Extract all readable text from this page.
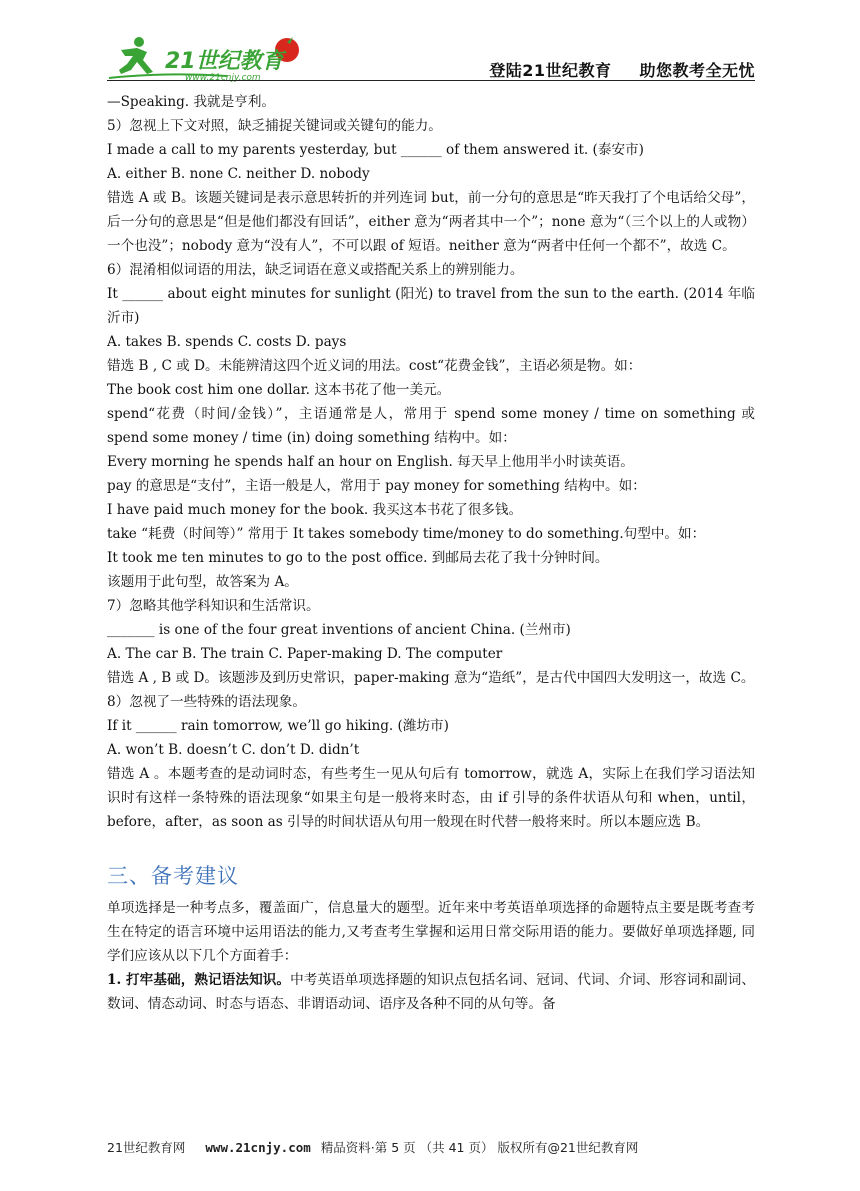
21世纪教育
www.21cnjy.com	登陆21世纪教育 助您教考全无忧

—Speaking. 我就是亨利。

5）忽视上下文对照，缺乏捕捉关键词或关键句的能力。

I made a call to my parents yesterday, but ______ of them answered it. (泰安市)

A. either B. none C. neither D. nobody

错选 A 或 B。该题关键词是表示意思转折的并列连词 but，前一分句的意思是“昨天我打了个电话给父母”，后一分句的意思是“但是他们都没有回话”，either 意为“两者其中一个”；none 意为“（三个以上的人或物）一个也没”；nobody 意为“没有人”，不可以跟 of 短语。neither 意为“两者中任何一个都不”，故选 C。

6）混淆相似词语的用法，缺乏词语在意义或搭配关系上的辨别能力。

It ______ about eight minutes for sunlight (阳光) to travel from the sun to the earth. (2014 年临沂市)

A. takes B. spends C. costs D. pays

错选 B , C 或 D。未能辨清这四个近义词的用法。cost“花费金钱”，主语必须是物。如：

The book cost him one dollar. 这本书花了他一美元。

spend“花费（时间/金钱）”，主语通常是人，常用于 spend some money / time on something 或 spend some money / time (in) doing something 结构中。如：

Every morning he spends half an hour on English. 每天早上他用半小时读英语。

pay 的意思是“支付”，主语一般是人，常用于 pay money for something 结构中。如：

I have paid much money for the book. 我买这本书花了很多钱。

take “耗费（时间等）” 常用于 It takes somebody time/money to do something.句型中。如：

It took me ten minutes to go to the post office. 到邮局去花了我十分钟时间。

该题用于此句型，故答案为 A。

7）忽略其他学科知识和生活常识。

_______ is one of the four great inventions of ancient China. (兰州市)

A. The car B. The train C. Paper-making D. The computer

错选 A , B 或 D。该题涉及到历史常识，paper-making 意为“造纸”，是古代中国四大发明这一，故选 C。

8）忽视了一些特殊的语法现象。

If it ______ rain tomorrow, we’ll go hiking. (潍坊市)

A. won’t B. doesn’t C. don’t D. didn’t

错选 A 。本题考查的是动词时态，有些考生一见从句后有 tomorrow，就选 A，实际上在我们学习语法知识时有这样一条特殊的语法现象“如果主句是一般将来时态，由 if 引导的条件状语从句和 when，until，before，after，as soon as 引导的时间状语从句用一般现在时代替一般将来时。所以本题应选 B。

三、备考建议

单项选择是一种考点多，覆盖面广，信息量大的题型。近年来中考英语单项选择的命题特点主要是既考查考生在特定的语言环境中运用语法的能力,又考查考生掌握和运用日常交际用语的能力。要做好单项选择题, 同学们应该从以下几个方面着手：

1. 打牢基础，熟记语法知识。中考英语单项选择题的知识点包括名词、冠词、代词、介词、形容词和副词、数词、情态动词、时态与语态、非谓语动词、语序及各种不同的从句等。备

21世纪教育网 www.21cnjy.com 精品资料·第 5 页 （共 41 页） 版权所有@21世纪教育网
